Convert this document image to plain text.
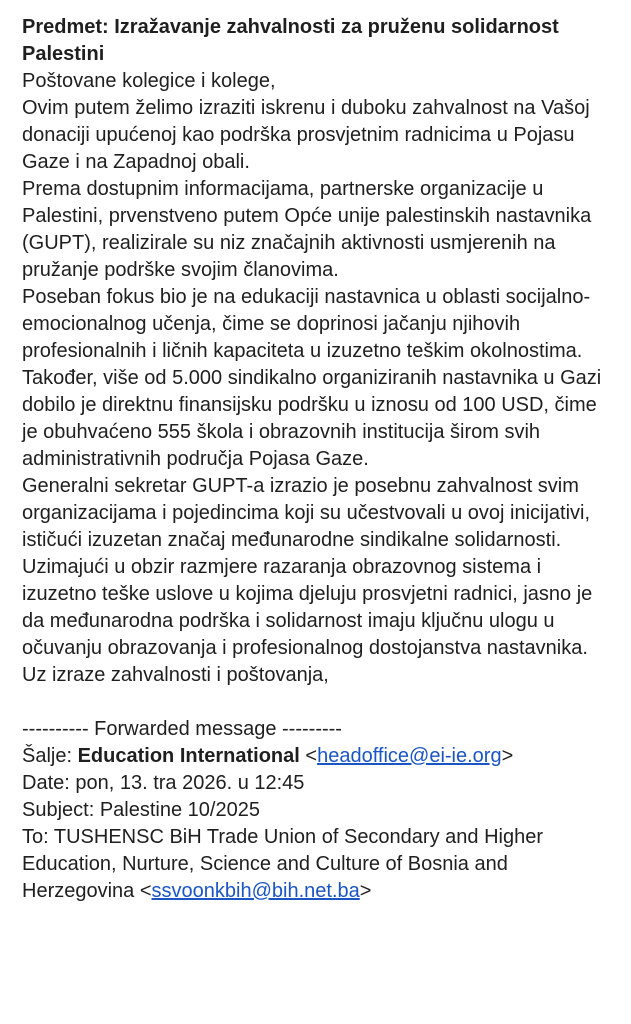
Predmet: Izražavanje zahvalnosti za pruženu solidarnost Palestini

Poštovane kolegice i kolege,

Ovim putem želimo izraziti iskrenu i duboku zahvalnost na Vašoj donaciji upućenoj kao podrška prosvjetnim radnicima u Pojasu Gaze i na Zapadnoj obali.

Prema dostupnim informacijama, partnerske organizacije u Palestini, prvenstveno putem Opće unije palestinskih nastavnika (GUPT), realizirale su niz značajnih aktivnosti usmjerenih na pružanje podrške svojim članovima.

Poseban fokus bio je na edukaciji nastavnica u oblasti socijalno-emocionalnog učenja, čime se doprinosi jačanju njihovih profesionalnih i ličnih kapaciteta u izuzetno teškim okolnostima.

Također, više od 5.000 sindikalno organiziranih nastavnika u Gazi dobilo je direktnu finansijsku podršku u iznosu od 100 USD, čime je obuhvaćeno 555 škola i obrazovnih institucija širom svih administrativnih područja Pojasa Gaze.

Generalni sekretar GUPT-a izrazio je posebnu zahvalnost svim organizacijama i pojedincima koji su učestvovali u ovoj inicijativi, ističući izuzetan značaj međunarodne sindikalne solidarnosti.

Uzimajući u obzir razmjere razaranja obrazovnog sistema i izuzetno teške uslove u kojima djeluju prosvjetni radnici, jasno je da međunarodna podrška i solidarnost imaju ključnu ulogu u očuvanju obrazovanja i profesionalnog dostojanstva nastavnika.

Uz izraze zahvalnosti i poštovanja,

---------- Forwarded message ---------

Šalje: Education International <headoffice@ei-ie.org>

Date: pon, 13. tra 2026. u 12:45

Subject: Palestine 10/2025

To: TUSHENSC BiH Trade Union of Secondary and Higher Education, Nurture, Science and Culture of Bosnia and Herzegovina <ssvoonkbih@bih.net.ba>
